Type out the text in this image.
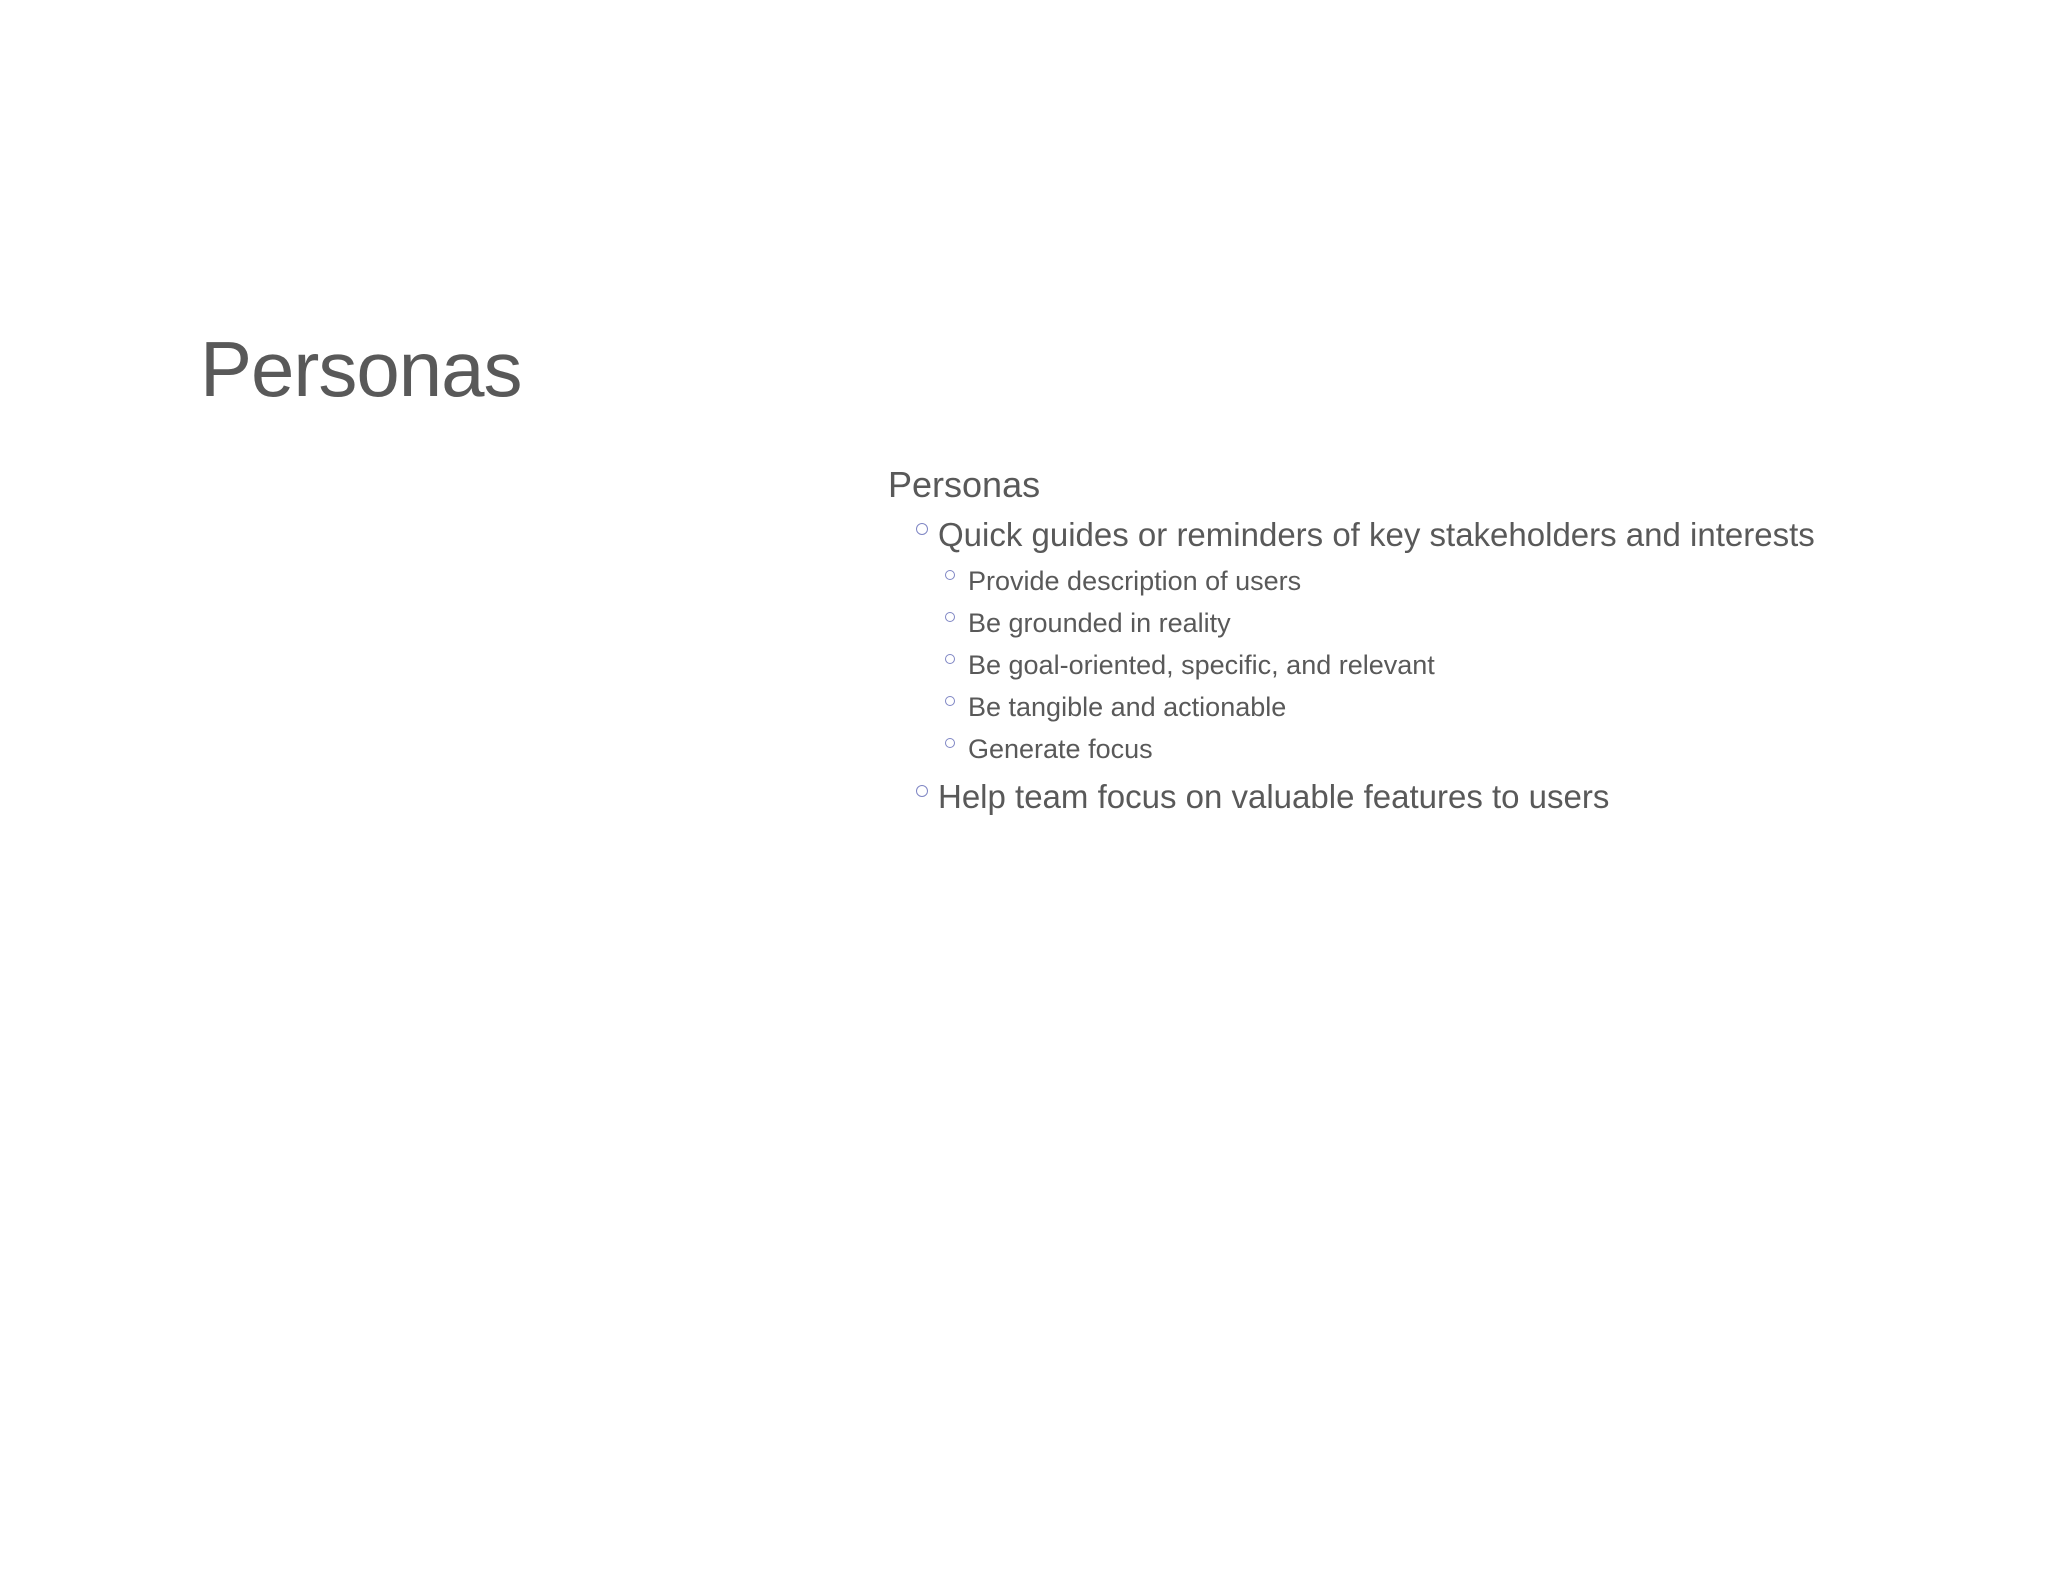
Personas
Personas
Quick guides or reminders of key stakeholders and interests
Provide description of users
Be grounded in reality
Be goal-oriented, specific, and relevant
Be tangible and actionable
Generate focus
Help team focus on valuable features to users
